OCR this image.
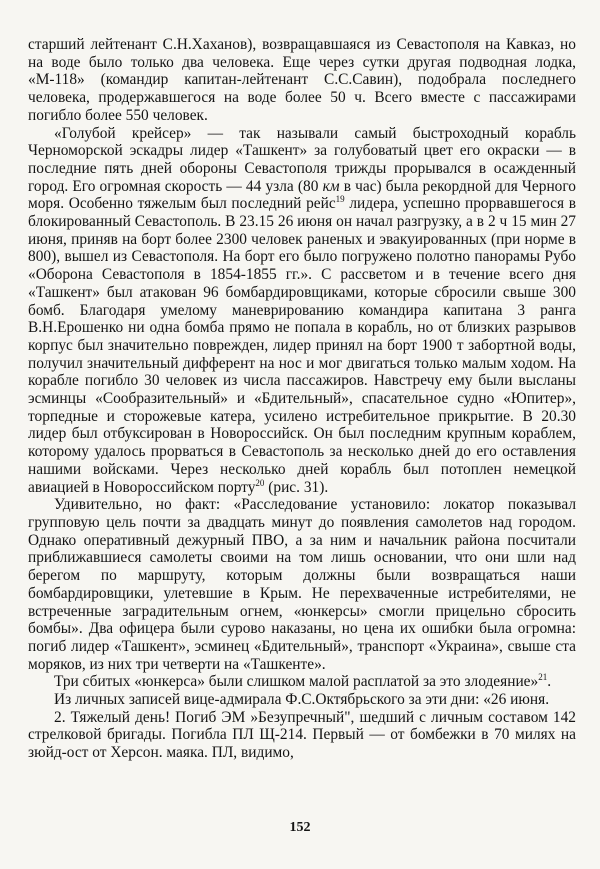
старший лейтенант С.Н.Хаханов), возвращавшаяся из Севастополя на Кавказ, но на воде было только два человека. Еще через сутки другая подводная лодка, «М-118» (командир капитан-лейтенант С.С.Савин), подобрала последнего человека, продержавшегося на воде более 50 ч. Всего вместе с пассажирами погибло более 550 человек.

«Голубой крейсер» — так называли самый быстроходный корабль Черноморской эскадры лидер «Ташкент» за голубоватый цвет его окраски — в последние пять дней обороны Севастополя трижды прорывался в осажденный город. Его огромная скорость — 44 узла (80 км в час) была рекордной для Черного моря. Особенно тяжелым был последний рейс$^{19}$ лидера, успешно прорвавшегося в блокированный Севастополь. В 23.15 26 июня он начал разгрузку, а в 2 ч 15 мин 27 июня, приняв на борт более 2300 человек раненых и эвакуированных (при норме в 800), вышел из Севастополя. На борт его было погружено полотно панорамы Рубо «Оборона Севастополя в 1854-1855 гг.». С рассветом и в течение всего дня «Ташкент» был атакован 96 бомбардировщиками, которые сбросили свыше 300 бомб. Благодаря умелому маневрированию командира капитана 3 ранга В.Н.Ерошенко ни одна бомба прямо не попала в корабль, но от близких разрывов корпус был значительно поврежден, лидер принял на борт 1900 т забортной воды, получил значительный дифферент на нос и мог двигаться только малым ходом. На корабле погибло 30 человек из числа пассажиров. Навстречу ему были высланы эсминцы «Сообразительный» и «Бдительный», спасательное судно «Юпитер», торпедные и сторожевые катера, усилено истребительное прикрытие. В 20.30 лидер был отбуксирован в Новороссийск. Он был последним крупным кораблем, которому удалось прорваться в Севастополь за несколько дней до его оставления нашими войсками. Через несколько дней корабль был потоплен немецкой авиацией в Новороссийском порту$^{20}$ (рис. 31).

Удивительно, но факт: «Расследование установило: локатор показывал групповую цель почти за двадцать минут до появления самолетов над городом. Однако оперативный дежурный ПВО, а за ним и начальник района посчитали приближавшиеся самолеты своими на том лишь основании, что они шли над берегом по маршруту, которым должны были возвращаться наши бомбардировщики, улетевшие в Крым. Не перехваченные истребителями, не встреченные заградительным огнем, «юнкерсы» смогли прицельно сбросить бомбы». Два офицера были сурово наказаны, но цена их ошибки была огромна: погиб лидер «Ташкент», эсминец «Бдительный», транспорт «Украина», свыше ста моряков, из них три четверти на «Ташкенте».

Три сбитых «юнкерса» были слишком малой расплатой за это злодеяние»$^{21}$.

Из личных записей вице-адмирала Ф.С.Октябрьского за эти дни: «26 июня.

2. Тяжелый день! Погиб ЭМ »Безупречный", шедший с личным составом 142 стрелковой бригады. Погибла ПЛ Щ-214. Первый — от бомбежки в 70 милях на зюйд-ост от Херсон. маяка. ПЛ, видимо,

152
